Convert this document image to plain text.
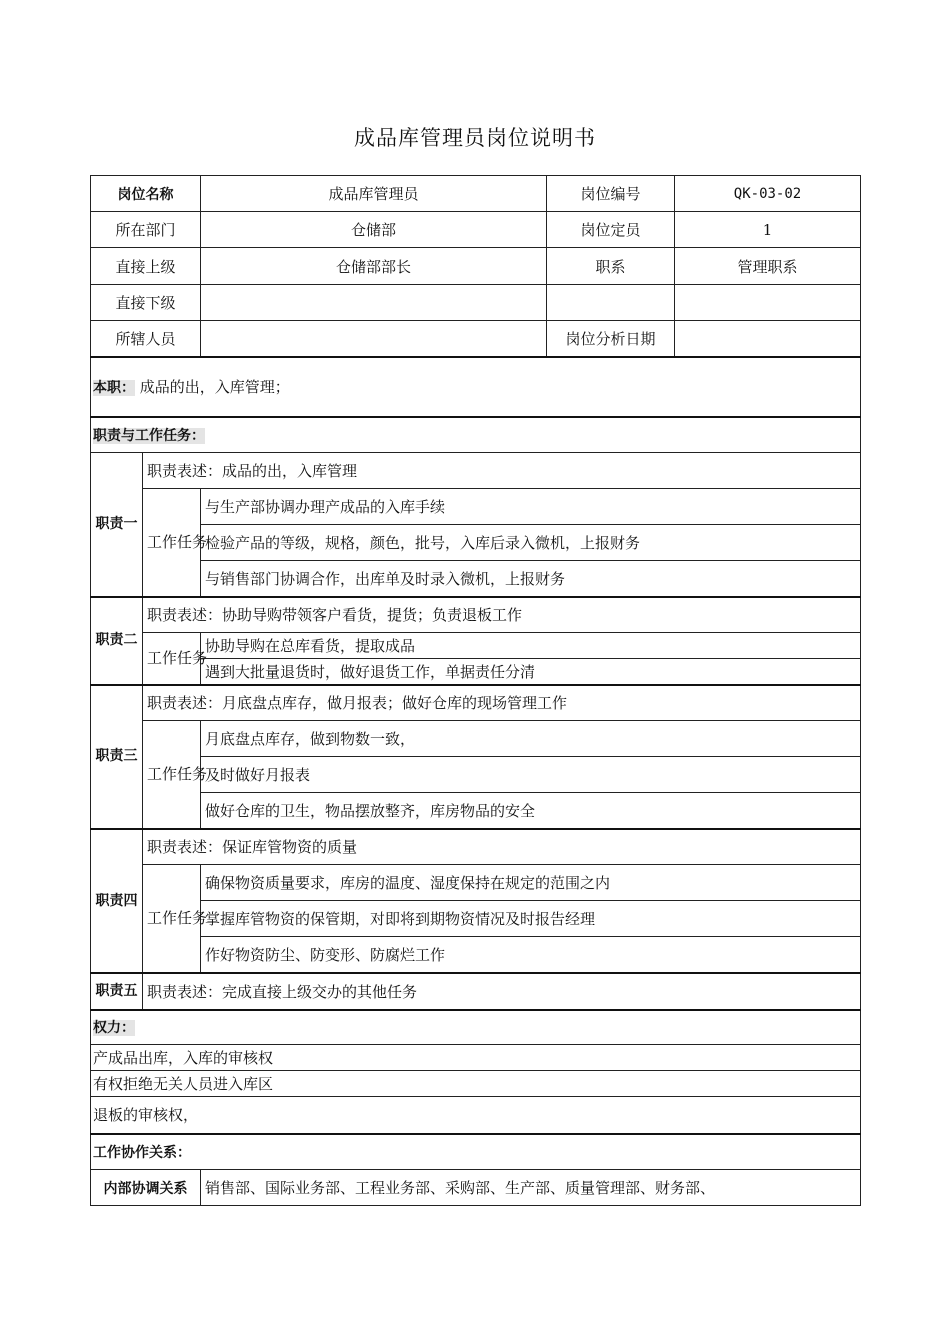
成品库管理员岗位说明书
岗位名称		成品库管理员	岗位编号	QK-03-02
所在部门		仓储部	岗位定员	1
直接上级		仓储部部长	职系	管理职系
直接下级				
所辖人员			岗位分析日期	
本职： 成品的出，入库管理；				
职责与工作任务：				
职责一	职责表述：成品的出，入库管理			
	工作任务	与生产部协调办理产成品的入库手续		
		检验产品的等级，规格，颜色，批号，入库后录入微机，上报财务		
		与销售部门协调合作，出库单及时录入微机，上报财务		
职责二	职责表述：协助导购带领客户看货，提货；负责退板工作			
	工作任务	协助导购在总库看货，提取成品		
		遇到大批量退货时，做好退货工作，单据责任分清		
职责三	职责表述：月底盘点库存，做月报表；做好仓库的现场管理工作			
	工作任务	月底盘点库存，做到物数一致，		
		及时做好月报表		
		做好仓库的卫生，物品摆放整齐，库房物品的安全		
职责四	职责表述：保证库管物资的质量			
	工作任务	确保物资质量要求，库房的温度、湿度保持在规定的范围之内		
		掌握库管物资的保管期，对即将到期物资情况及时报告经理		
		作好物资防尘、防变形、防腐烂工作		
职责五	职责表述：完成直接上级交办的其他任务			
权力：				
产成品出库，入库的审核权				
有权拒绝无关人员进入库区				
退板的审核权，				
工作协作关系：				
内部协调关系		销售部、国际业务部、工程业务部、采购部、生产部、质量管理部、财务部、		
